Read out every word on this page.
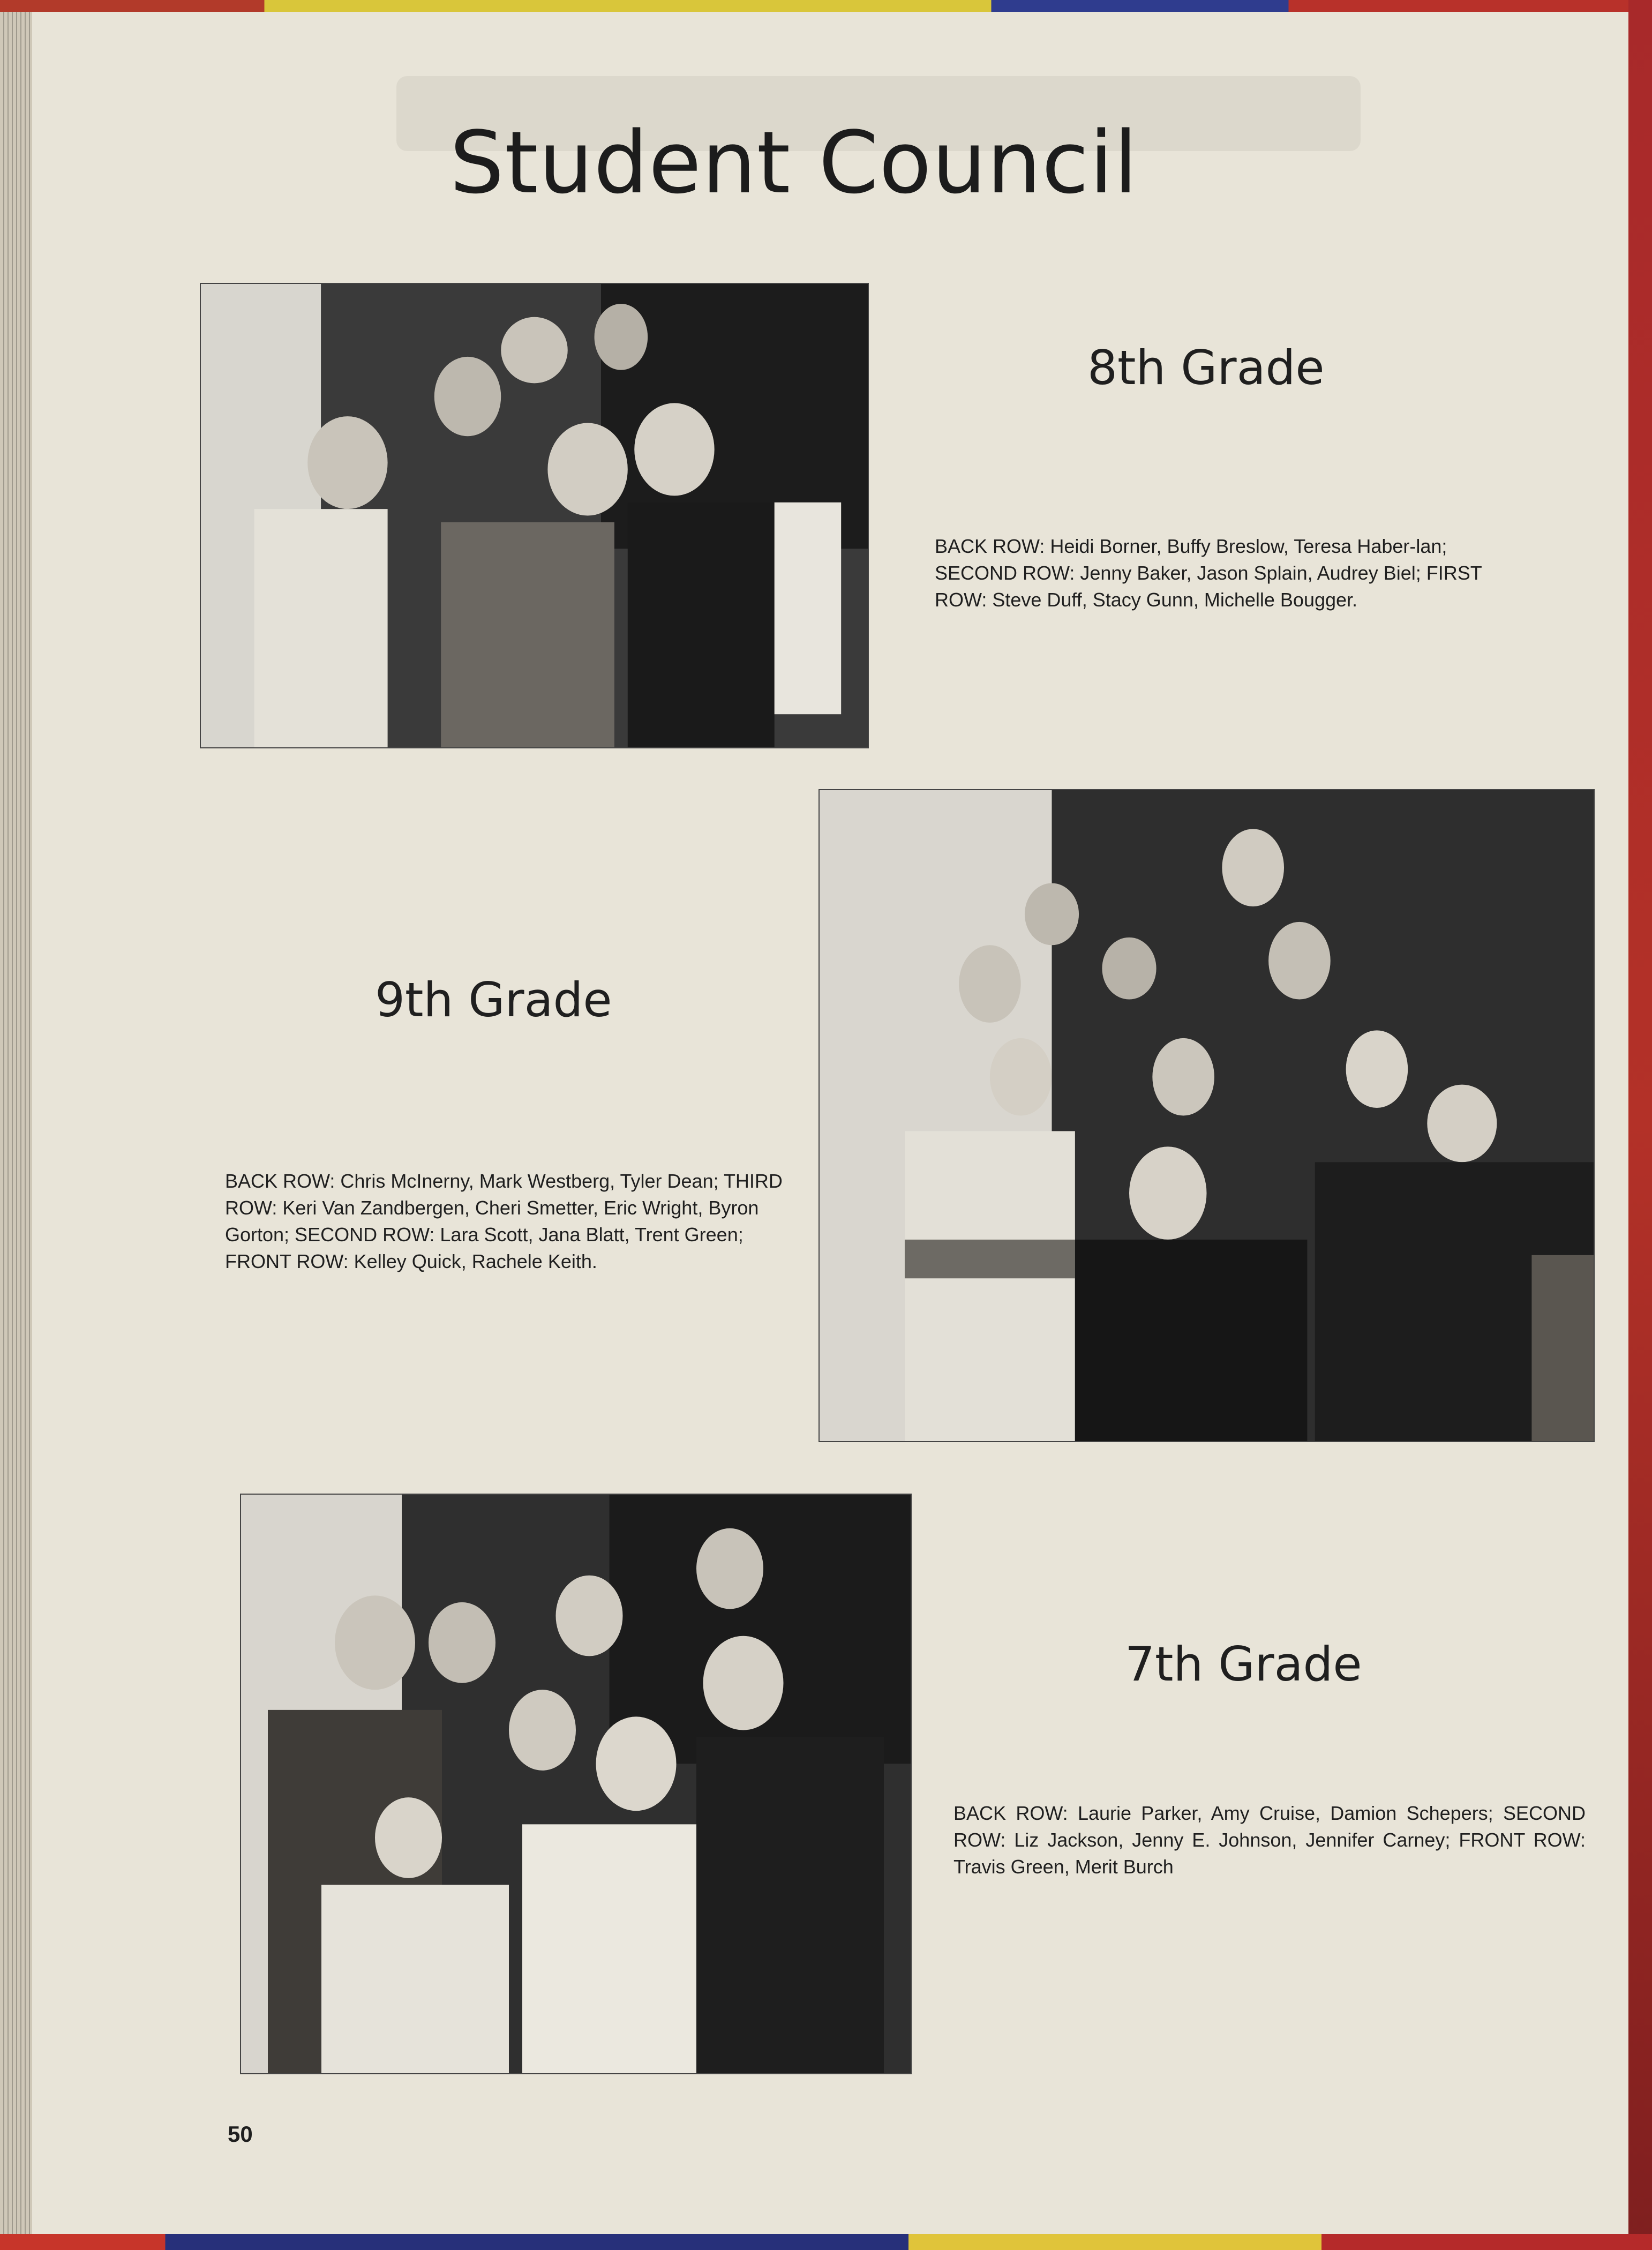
Student Council
8th Grade
BACK ROW: Heidi Borner, Buffy Breslow, Teresa Haber-lan; SECOND ROW: Jenny Baker, Jason Splain, Audrey Biel; FIRST ROW: Steve Duff, Stacy Gunn, Michelle Bougger.
9th Grade
BACK ROW: Chris McInerny, Mark Westberg, Tyler Dean; THIRD ROW: Keri Van Zandbergen, Cheri Smetter, Eric Wright, Byron Gorton; SECOND ROW: Lara Scott, Jana Blatt, Trent Green; FRONT ROW: Kelley Quick, Rachele Keith.
7th Grade
BACK ROW: Laurie Parker, Amy Cruise, Damion Schepers; SECOND ROW: Liz Jackson, Jenny E. Johnson, Jennifer Carney; FRONT ROW: Travis Green, Merit Burch
50
